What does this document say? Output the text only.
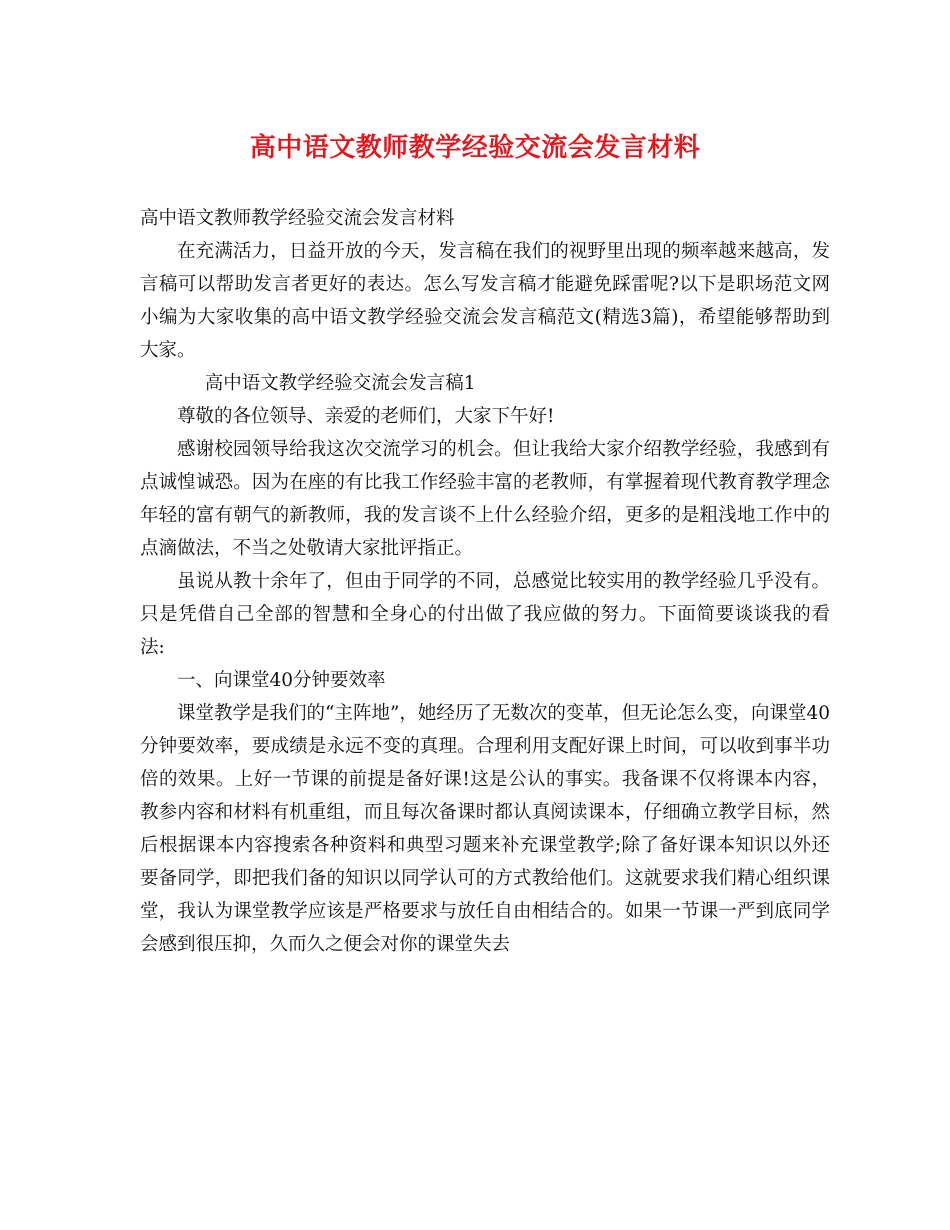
高中语文教师教学经验交流会发言材料

高中语文教师教学经验交流会发言材料

在充满活力，日益开放的今天，发言稿在我们的视野里出现的频率越来越高，发言稿可以帮助发言者更好的表达。怎么写发言稿才能避免踩雷呢?以下是职场范文网小编为大家收集的高中语文教学经验交流会发言稿范文(精选3篇)，希望能够帮助到大家。

高中语文教学经验交流会发言稿1

尊敬的各位领导、亲爱的老师们，大家下午好!

感谢校园领导给我这次交流学习的机会。但让我给大家介绍教学经验，我感到有点诚惶诚恐。因为在座的有比我工作经验丰富的老教师，有掌握着现代教育教学理念年轻的富有朝气的新教师，我的发言谈不上什么经验介绍，更多的是粗浅地工作中的点滴做法，不当之处敬请大家批评指正。

虽说从教十余年了，但由于同学的不同，总感觉比较实用的教学经验几乎没有。只是凭借自己全部的智慧和全身心的付出做了我应做的努力。下面简要谈谈我的看法:

一、向课堂40分钟要效率

课堂教学是我们的“主阵地”，她经历了无数次的变革，但无论怎么变，向课堂40分钟要效率，要成绩是永远不变的真理。合理利用支配好课上时间，可以收到事半功倍的效果。上好一节课的前提是备好课!这是公认的事实。我备课不仅将课本内容，教参内容和材料有机重组，而且每次备课时都认真阅读课本，仔细确立教学目标，然后根据课本内容搜索各种资料和典型习题来补充课堂教学;除了备好课本知识以外还要备同学，即把我们备的知识以同学认可的方式教给他们。这就要求我们精心组织课堂，我认为课堂教学应该是严格要求与放任自由相结合的。如果一节课一严到底同学会感到很压抑，久而久之便会对你的课堂失去
